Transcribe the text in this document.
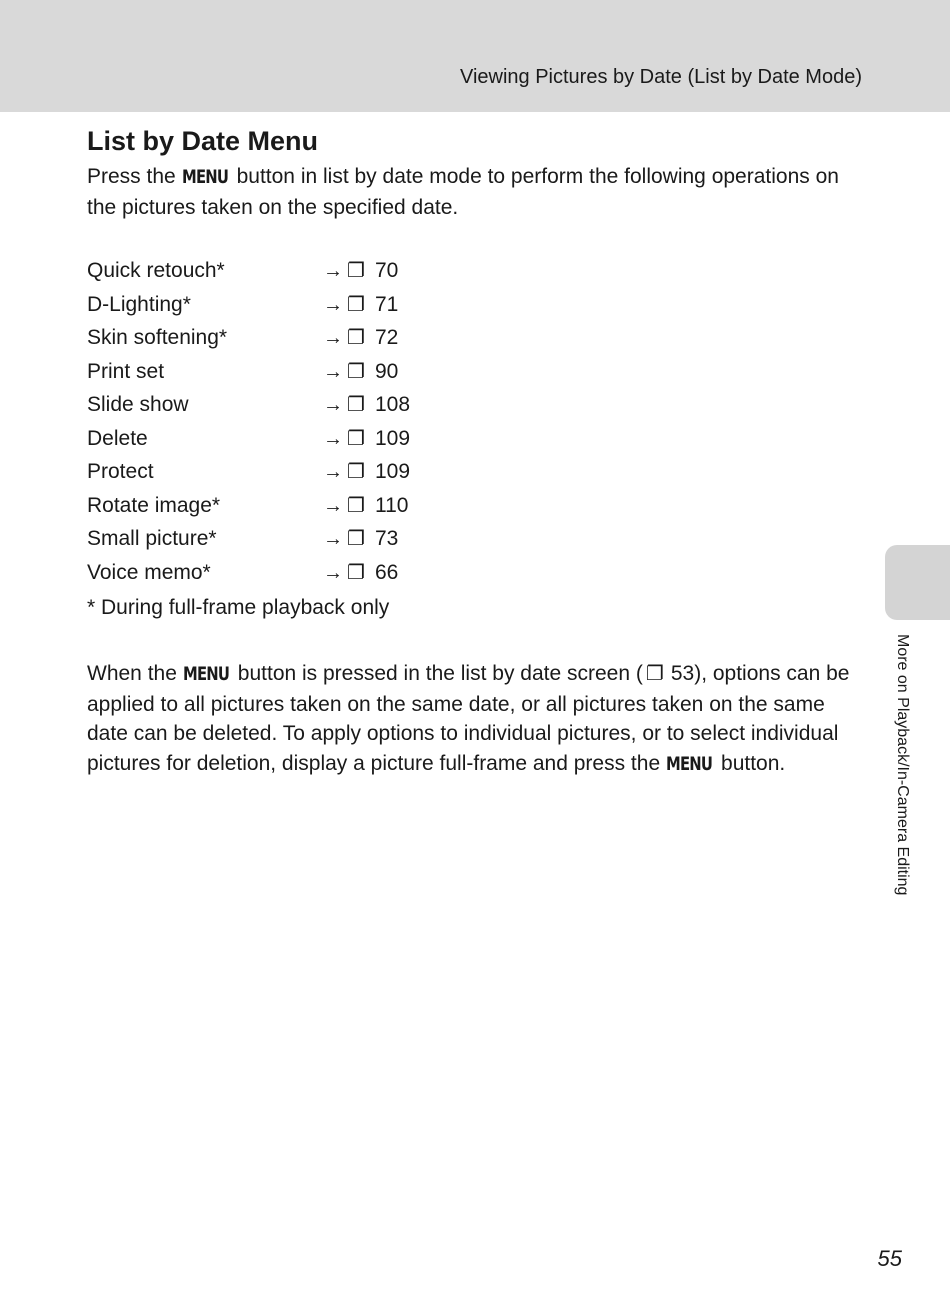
Viewing Pictures by Date (List by Date Mode)
More on Playback/In-Camera Editing
List by Date Menu

Press the MENU button in list by date mode to perform the following operations on the pictures taken on the specified date.

Quick retouch*	→ ❐ 70
D-Lighting*	→ ❐ 71
Skin softening*	→ ❐ 72
Print set	→ ❐ 90
Slide show	→ ❐ 108
Delete	→ ❐ 109
Protect	→ ❐ 109
Rotate image*	→ ❐ 110
Small picture*	→ ❐ 73
Voice memo*	→ ❐ 66
* During full-frame playback only

When the MENU button is pressed in the list by date screen ( ❐ 53), options can be applied to all pictures taken on the same date, or all pictures taken on the same date can be deleted. To apply options to individual pictures, or to select individual pictures for deletion, display a picture full-frame and press the MENU button.

55
